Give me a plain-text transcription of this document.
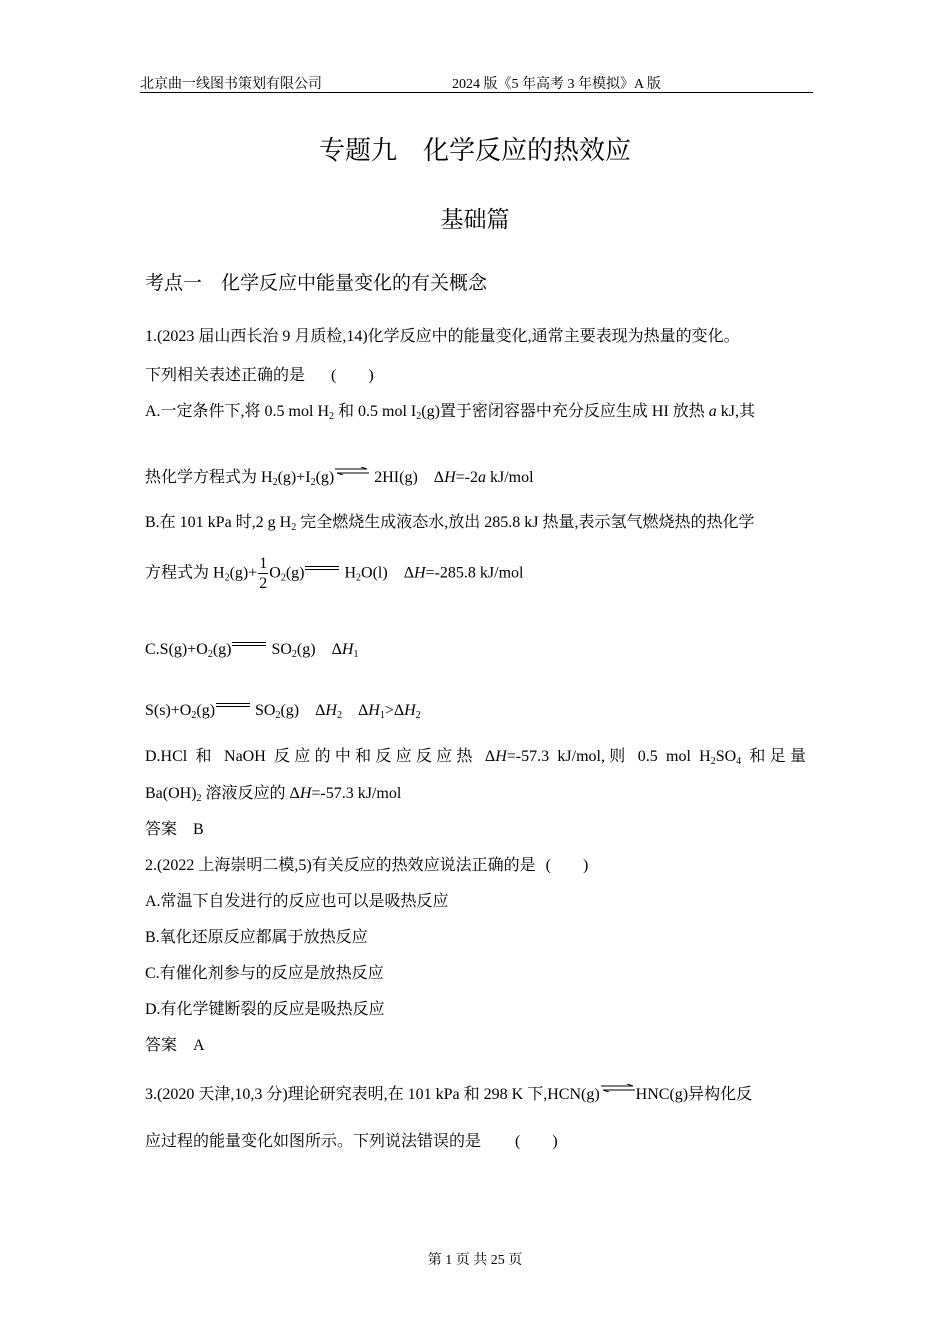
北京曲一线图书策划有限公司	2024 版《5 年高考 3 年模拟》A 版
专题九　化学反应的热效应
基础篇
考点一　化学反应中能量变化的有关概念
1.(2023 届山西长治 9 月质检,14)化学反应中的能量变化,通常主要表现为热量的变化。
下列相关表述正确的是 (　　)
A.一定条件下,将 0.5 mol $H_2$ 和 0.5 mol $I_2(g)$置于密闭容器中充分反应生成 HI 放热 a kJ,其
热化学方程式为 $H_2(g)+I_2(g)\rightleftharpoons$ 2HI(g)　ΔH=-2a kJ/mol
B.在 101 kPa 时,2 g $H_2$ 完全燃烧生成液态水,放出 285.8 kJ 热量,表示氢气燃烧热的热化学
方程式为 $H_2(g)+ \frac{1}{2} O_2(g)$ $H_2O(l)$　ΔH=-285.8 kJ/mol
$C.S(g)+O_2(g)$ $SO_2(g)$　$\Delta H_1$
$S(s)+O_2(g)$ $SO_2(g)$　$\Delta H_2$　$\Delta H_1>\Delta H_2$
D.HCl 和 NaOH 反应的中和反应反应热 ΔH=-57.3 kJ/mol,则 0.5 mol $H_2SO_4$ 和足量
$Ba(OH)_2$ 溶液反应的 ΔH=-57.3 kJ/mol
答案　B
2.(2022 上海崇明二模,5)有关反应的热效应说法正确的是 (　　)
A.常温下自发进行的反应也可以是吸热反应
B.氧化还原反应都属于放热反应
C.有催化剂参与的反应是放热反应
D.有化学键断裂的反应是吸热反应
答案　A
3.(2020 天津,10,3 分)理论研究表明,在 101 kPa 和 298 K 下,HCN(g)⇌HNC(g)异构化反
应过程的能量变化如图所示。下列说法错误的是 (　　)
第 1 页 共 25 页
